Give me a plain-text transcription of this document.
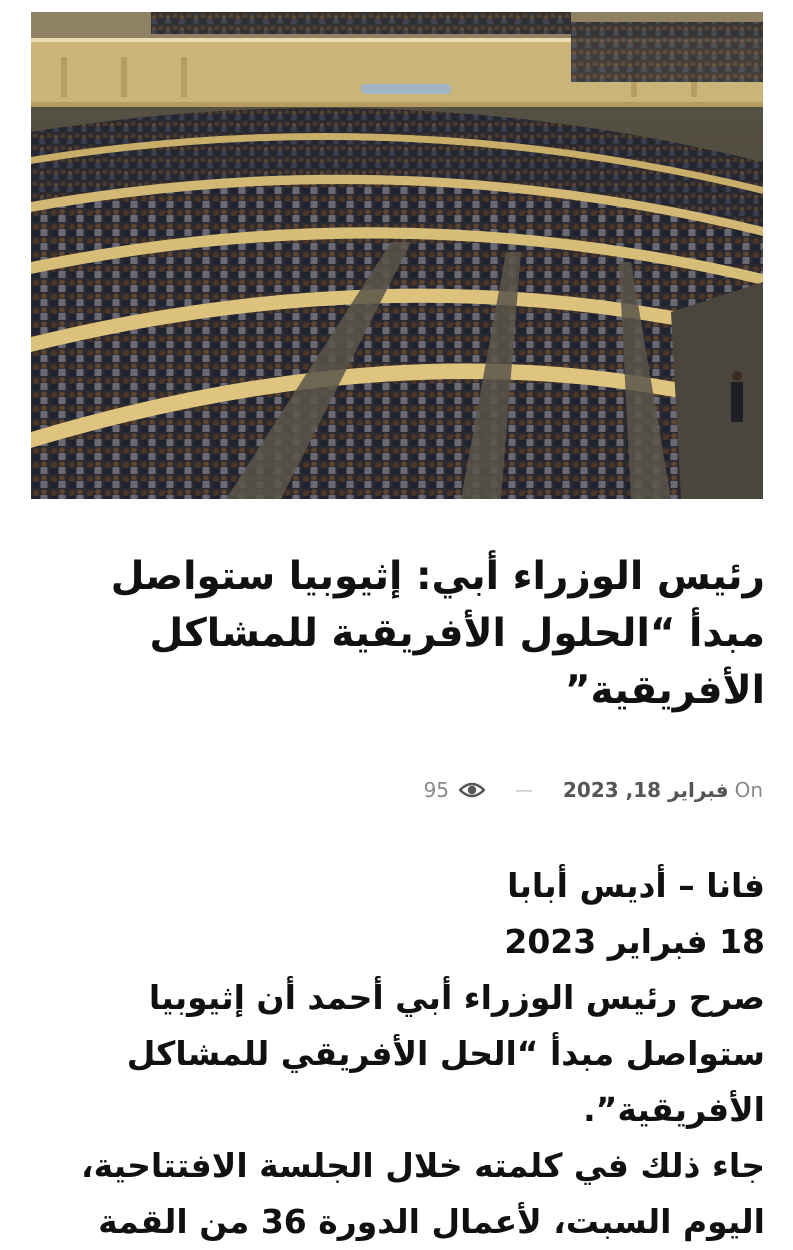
رئيس الوزراء أبي: إثيوبيا ستواصل مبدأ “الحلول الأفريقية للمشاكل الأفريقية”
On
فبراير 18, 2023
—
95

فانا – أديس أبابا

18 فبراير 2023

صرح رئيس الوزراء أبي أحمد أن إثيوبيا ستواصل مبدأ “الحل الأفريقي للمشاكل الأفريقية”.

جاء ذلك في كلمته خلال الجلسة الافتتاحية، اليوم السبت، لأعمال الدورة 36 من القمة
